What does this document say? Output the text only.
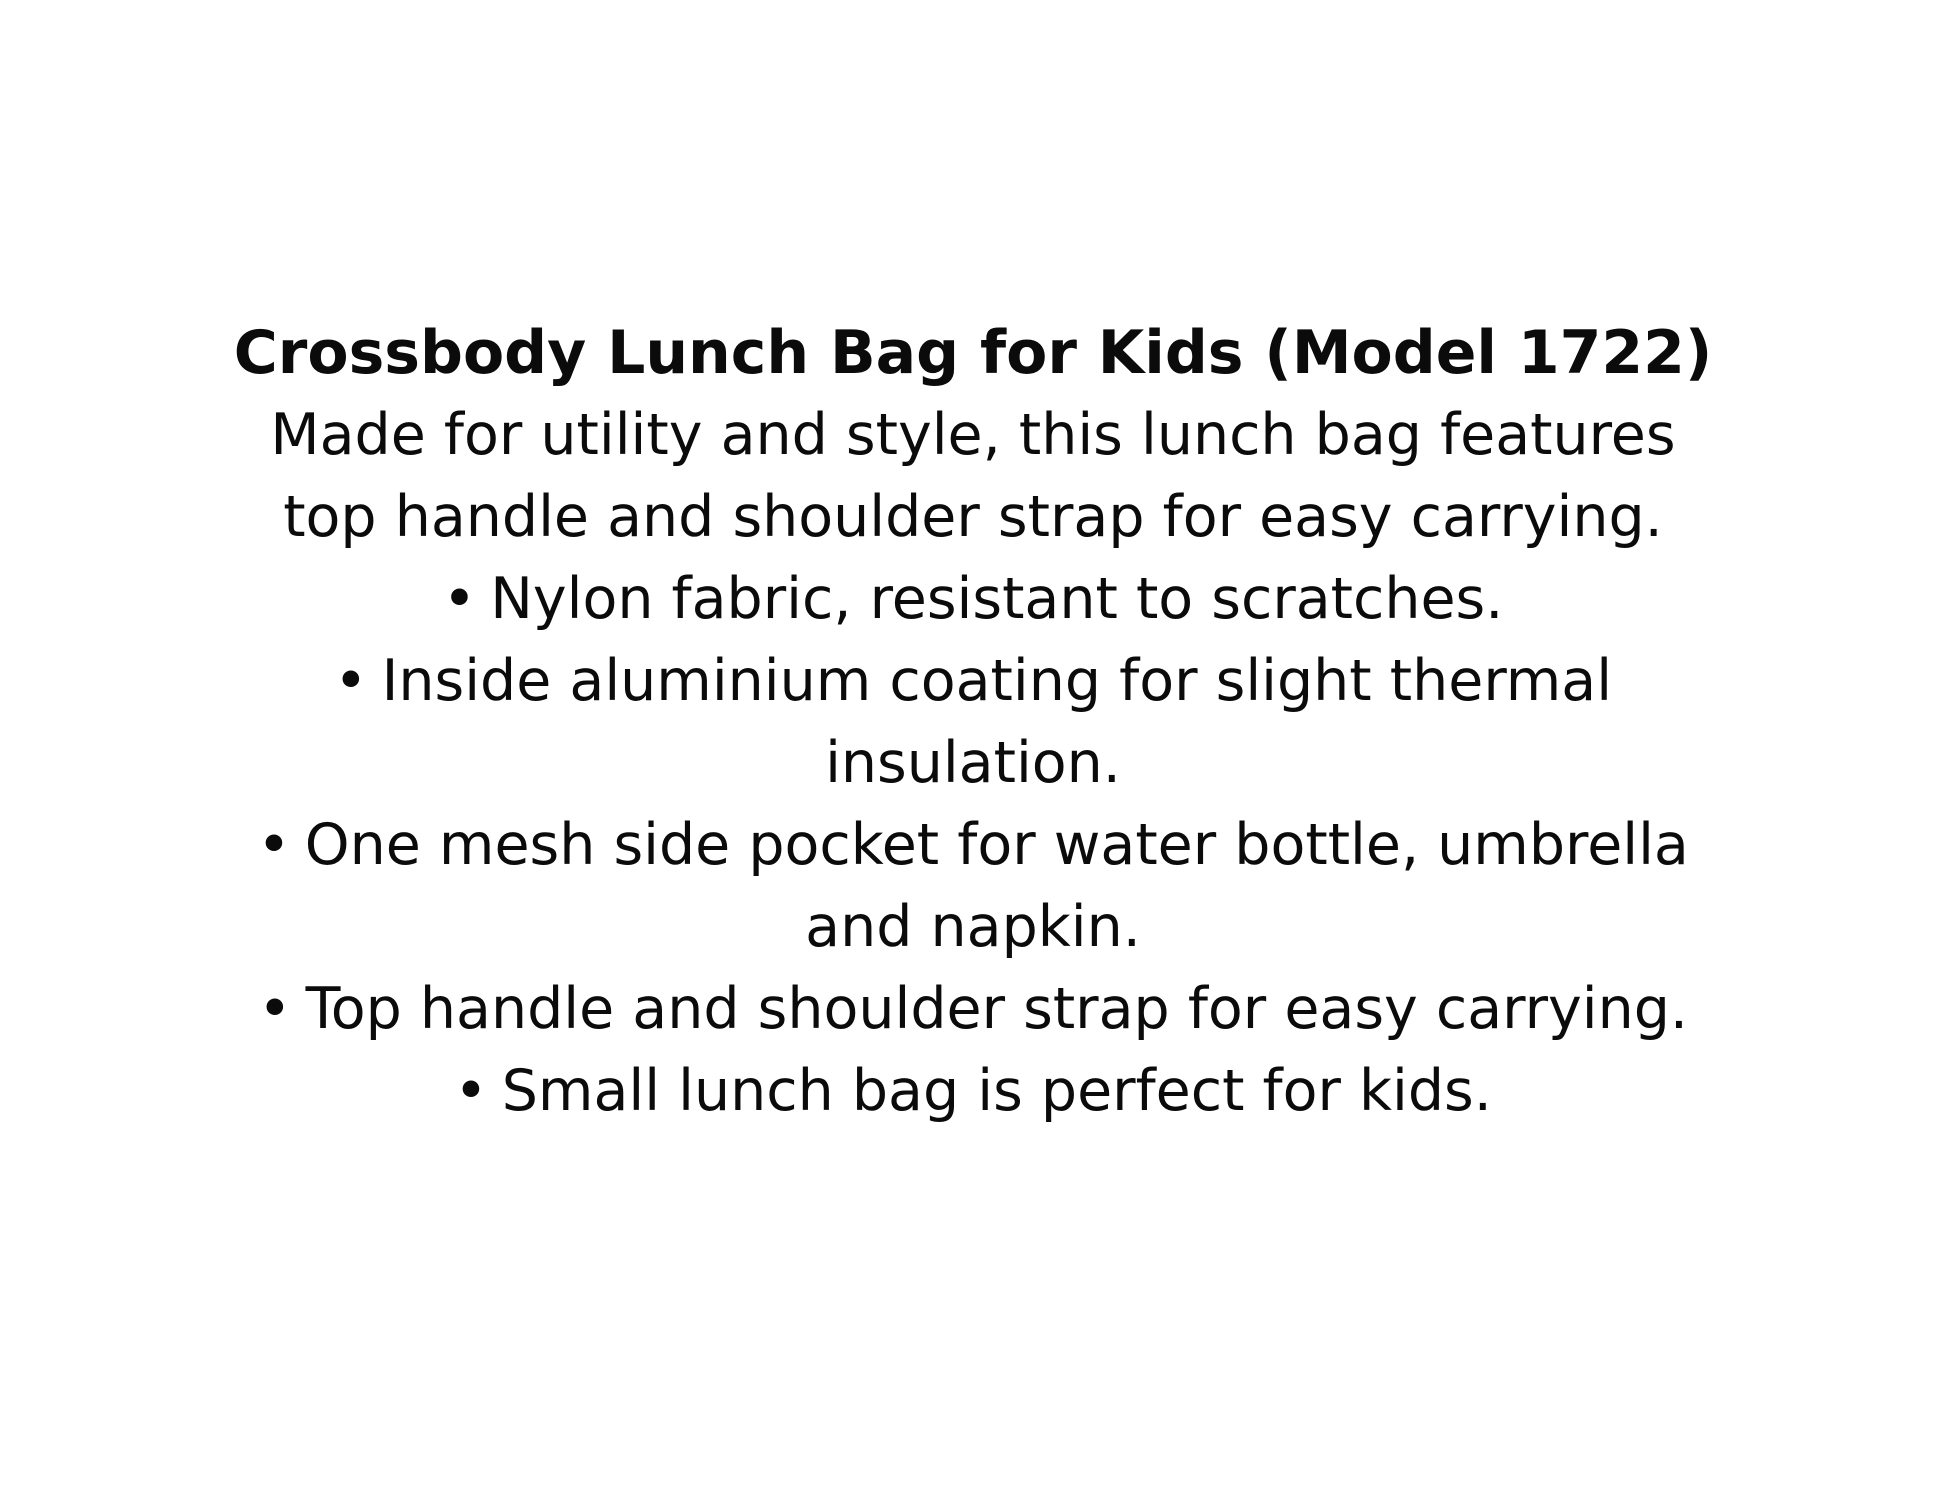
Crossbody Lunch Bag for Kids (Model 1722)
Made for utility and style, this lunch bag features
top handle and shoulder strap for easy carrying.
• Nylon fabric, resistant to scratches.
• Inside aluminium coating for slight thermal
insulation.
• One mesh side pocket for water bottle, umbrella
and napkin.
• Top handle and shoulder strap for easy carrying.
• Small lunch bag is perfect for kids.
